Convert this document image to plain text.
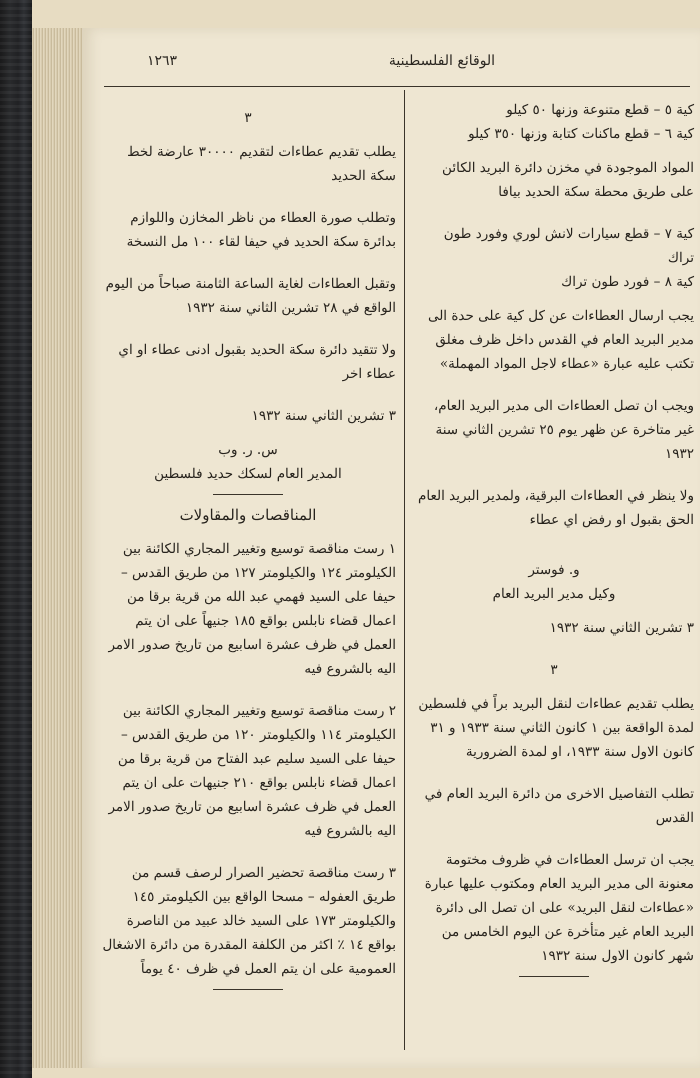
١٢٦٣	الوقائع الفلسطينية

كية ٥ – قطع متنوعة وزنها ٥٠ كيلو

كية ٦ – قطع ماكنات كتابة وزنها ٣٥٠ كيلو

المواد الموجودة في مخزن دائرة البريد الكائن على طريق محطة سكة الحديد بيافا

كية ٧ – قطع سيارات لانش لوري وفورد طون تراك

كية ٨ – فورد طون تراك

يجب ارسال العطاءات عن كل كية على حدة الى مدير البريد العام في القدس داخل ظرف مغلق تكتب عليه عبارة «عطاء لاجل المواد المهملة»

ويجب ان تصل العطاءات الى مدير البريد العام، غير متاخرة عن ظهر يوم ٢٥ تشرين الثاني سنة ١٩٣٢

ولا ينظر في العطاءات البرقية، ولمدير البريد العام الحق بقبول او رفض اي عطاء

و. فوستر

وكيل مدير البريد العام

٣ تشرين الثاني سنة ١٩٣٢

٣

يطلب تقديم عطاءات لنقل البريد براً في فلسطين لمدة الواقعة بين ١ كانون الثاني سنة ١٩٣٣ و ٣١ كانون الاول سنة ١٩٣٣، او لمدة الضرورية

تطلب التفاصيل الاخرى من دائرة البريد العام في القدس

يجب ان ترسل العطاءات في ظروف مختومة معنونة الى مدير البريد العام ومكتوب عليها عبارة «عطاءات لنقل البريد» على ان تصل الى دائرة البريد العام غير متأخرة عن اليوم الخامس من شهر كانون الاول سنة ١٩٣٢

٣

يطلب تقديم عطاءات لتقديم ٣٠٠٠٠ عارضة لخط سكة الحديد

وتطلب صورة العطاء من ناظر المخازن واللوازم بدائرة سكة الحديد في حيفا لقاء ١٠٠ مل النسخة

وتقبل العطاءات لغاية الساعة الثامنة صباحاً من اليوم الواقع في ٢٨ تشرين الثاني سنة ١٩٣٢

ولا تتقيد دائرة سكة الحديد بقبول ادنى عطاء او اي عطاء اخر

٣ تشرين الثاني سنة ١٩٣٢

س. ر. وب

المدير العام لسكك حديد فلسطين

المناقصات والمقاولات

١ رست مناقصة توسيع وتغيير المجاري الكائنة بين الكيلومتر ١٢٤ والكيلومتر ١٢٧ من طريق القدس – حيفا على السيد فهمي عبد الله من قرية برقا من اعمال قضاء نابلس بواقع ١٨٥ جنيهاً على ان يتم العمل في ظرف عشرة اسابيع من تاريخ صدور الامر اليه بالشروع فيه

٢ رست مناقصة توسيع وتغيير المجاري الكائنة بين الكيلومتر ١١٤ والكيلومتر ١٢٠ من طريق القدس – حيفا على السيد سليم عبد الفتاح من قرية برقا من اعمال قضاء نابلس بواقع ٢١٠ جنيهات على ان يتم العمل في ظرف عشرة اسابيع من تاريخ صدور الامر اليه بالشروع فيه

٣ رست مناقصة تحضير الصرار لرصف قسم من طريق العفوله – مسحا الواقع بين الكيلومتر ١٤٥ والكيلومتر ١٧٣ على السيد خالد عبيد من الناصرة بواقع ١٤ ٪ اكثر من الكلفة المقدرة من دائرة الاشغال العمومية على ان يتم العمل في ظرف ٤٠ يوماً
